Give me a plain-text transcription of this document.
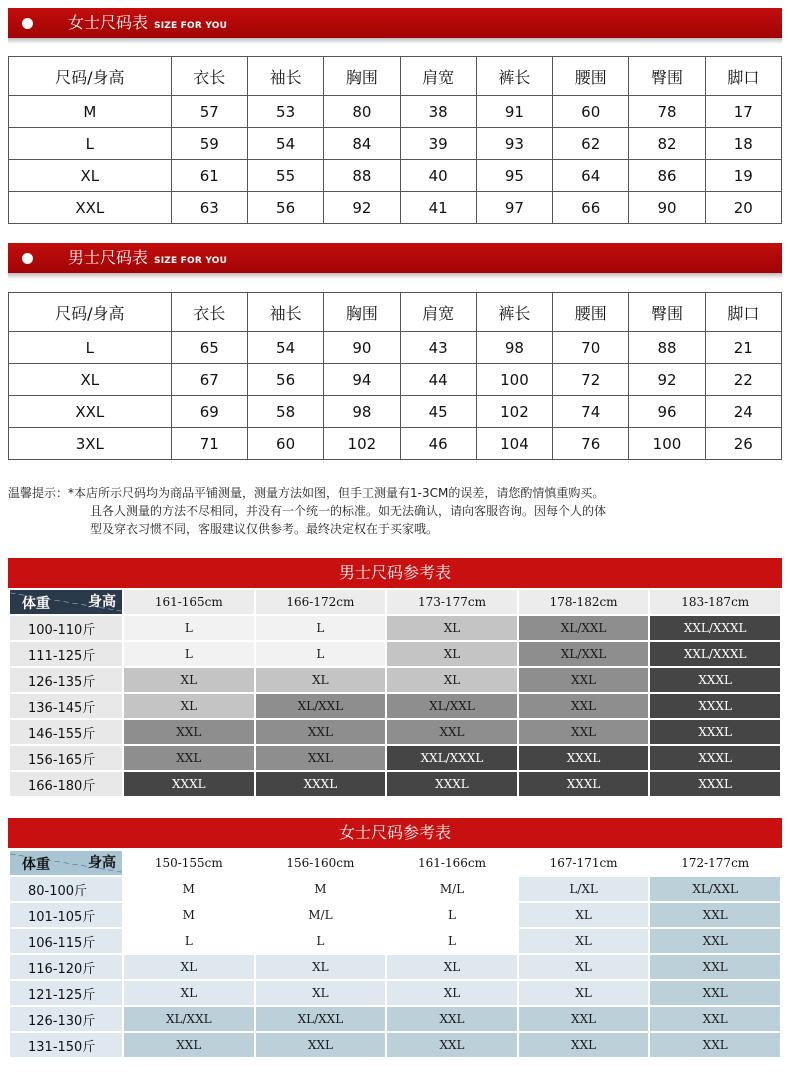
女士尺码表 SIZE FOR YOU
尺码/身高	衣长	袖长	胸围	肩宽	裤长	腰围	臀围	脚口
M	57	53	80	38	91	60	78	17
L	59	54	84	39	93	62	82	18
XL	61	55	88	40	95	64	86	19
XXL	63	56	92	41	97	66	90	20
男士尺码表 SIZE FOR YOU
尺码/身高	衣长	袖长	胸围	肩宽	裤长	腰围	臀围	脚口
L	65	54	90	43	98	70	88	21
XL	67	56	94	44	100	72	92	22
XXL	69	58	98	45	102	74	96	24
3XL	71	60	102	46	104	76	100	26
温馨提示：*本店所示尺码均为商品平铺测量，测量方法如图，但手工测量有1-3CM的误差，请您酌情慎重购买。
且各人测量的方法不尽相同，并没有一个统一的标准。如无法确认，请向客服咨询。因每个人的体
型及穿衣习惯不同，客服建议仅供参考。最终决定权在于买家哦。
男士尺码参考表
身高
体重	161-165cm	166-172cm	173-177cm	178-182cm	183-187cm
100-110斤	L	L	XL	XL/XXL	XXL/XXXL
111-125斤	L	L	XL	XL/XXL	XXL/XXXL
126-135斤	XL	XL	XL	XXL	XXXL
136-145斤	XL	XL/XXL	XL/XXL	XXL	XXXL
146-155斤	XXL	XXL	XXL	XXL	XXXL
156-165斤	XXL	XXL	XXL/XXXL	XXXL	XXXL
166-180斤	XXXL	XXXL	XXXL	XXXL	XXXL
女士尺码参考表
身高
体重	150-155cm	156-160cm	161-166cm	167-171cm	172-177cm
80-100斤	M	M	M/L	L/XL	XL/XXL
101-105斤	M	M/L	L	XL	XXL
106-115斤	L	L	L	XL	XXL
116-120斤	XL	XL	XL	XL	XXL
121-125斤	XL	XL	XL	XL	XXL
126-130斤	XL/XXL	XL/XXL	XXL	XXL	XXL
131-150斤	XXL	XXL	XXL	XXL	XXL
